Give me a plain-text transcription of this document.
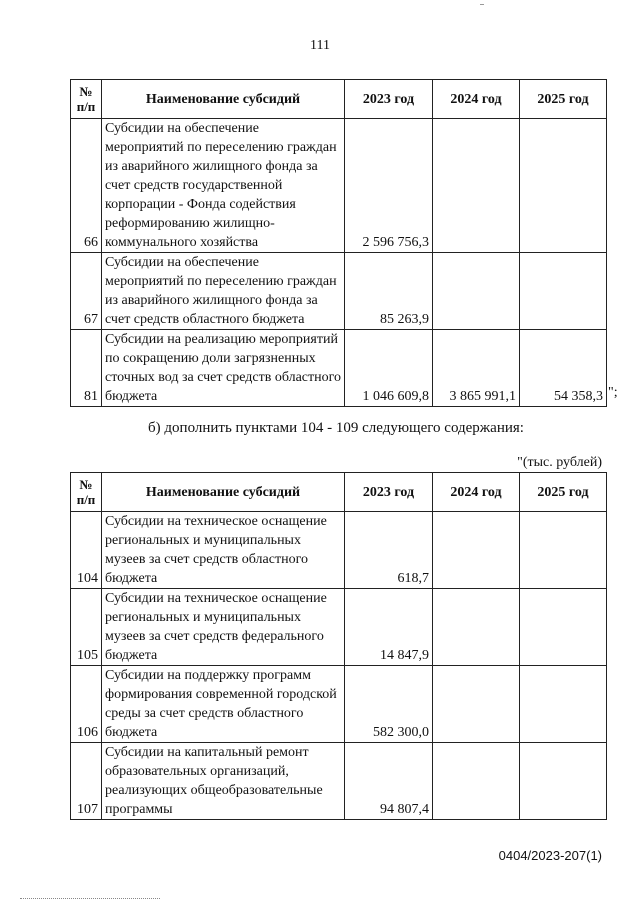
111
№ п/п	Наименование субсидий	2023 год	2024 год	2025 год
66	Субсидии на обеспечение мероприятий по переселению граждан из аварийного жилищного фонда за счет средств государственной корпорации - Фонда содействия реформированию жилищно-коммунального хозяйства	2 596 756,3		
67	Субсидии на обеспечение мероприятий по переселению граждан из аварийного жилищного фонда за счет средств областного бюджета	85 263,9		
81	Субсидии на реализацию мероприятий по сокращению доли загрязненных сточных вод за счет средств областного бюджета	1 046 609,8	3 865 991,1	54 358,3 ";
б) дополнить пунктами 104 - 109 следующего содержания:
"(тыс. рублей)
№ п/п	Наименование субсидий	2023 год	2024 год	2025 год
104	Субсидии на техническое оснащение региональных и муниципальных музеев за счет средств областного бюджета	618,7		
105	Субсидии на техническое оснащение региональных и муниципальных музеев за счет средств федерального бюджета	14 847,9		
106	Субсидии на поддержку программ формирования современной городской среды за счет средств областного бюджета	582 300,0		
107	Субсидии на капитальный ремонт образовательных организаций, реализующих общеобразовательные программы	94 807,4		
0404/2023-207(1)
